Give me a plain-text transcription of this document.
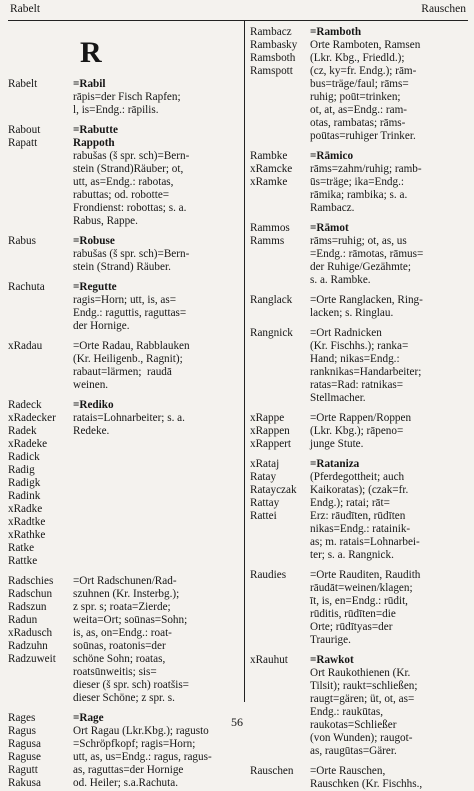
Rabelt	Rauschen
R
Rabelt	=Rabil
rāpis=der Fisch Rapfen;
l, is=Endg.: rāpilis.
Rabout
Rapatt
=Rabutte
Rappoth
rabušas (š spr. sch)=Bern-
stein (Strand)Räuber; ot,
utt, as=Endg.: rabotas,
rabuttas; od. robotte=
Frondienst: robottas; s. a.
Rabus, Rappe.
Rabus	=Robuse
rabušas (š spr. sch)=Bern-
stein (Strand) Räuber.
Rachuta	=Regutte
ragis=Horn; utt, is, as=
Endg.: raguttis, raguttas=
der Hornige.
xRadau	=Orte Radau, Rabblauken
(Kr. Heiligenb., Ragnit);
rabaut=lärmen;  raudā
weinen.
Radeck
xRadecker
Radek
xRadeke
Radick
Radig
Radigk
Radink
xRadke
xRadtke
xRathke
Ratke
Rattke
=Rediko
ratais=Lohnarbeiter; s. a.
Redeke.
Radschies
Radschun
Radszun
Radun
xRadusch
Radzuhn
Radzuweit
=Ort Radschunen/Rad-
szuhnen (Kr. Insterbg.);
z spr. s; roata=Zierde;
weita=Ort; soūnas=Sohn;
is, as, on=Endg.: roat-
soūnas, roatonis=der
schöne Sohn; roatas,
roatsūnweitis; sis=
dieser (š spr. sch) roatšis=
dieser Schöne; z spr. s.
Rages
Ragus
Ragusa
Raguse
Ragutt
Rakusa
=Rage
Ort Ragau (Lkr.Kbg.); ragusto
=Schröpfkopf; ragis=Horn;
utt, as, us=Endg.: ragus, ragus-
as, raguttas=der Hornige
od. Heiler; s.a.Rachuta.
Rambacz
Rambasky
Ramsboth
Ramspott
=Ramboth
Orte Ramboten, Ramsen
(Lkr. Kbg., Friedld.);
(cz, ky=fr. Endg.); rām-
bus=träge/faul; rāms=
ruhig; poūt=trinken;
ot, at, as=Endg.: ram-
otas, rambatas; rāms-
poūtas=ruhiger Trinker.
Rambke
xRamcke
xRamke
=Rāmico
rāms=zahm/ruhig; ramb-
ūs=träge; ika=Endg.:
rāmika; rambika; s. a.
Rambacz.
Rammos
Ramms
=Rāmot
rāms=ruhig; ot, as, us
=Endg.: rāmotas, rāmus=
der Ruhige/Gezähmte;
s. a. Rambke.
Ranglack	=Orte Ranglacken, Ring-
lacken; s. Ringlau.
Rangnick	=Ort Radnicken
(Kr. Fischhs.); ranka=
Hand; nikas=Endg.:
ranknikas=Handarbeiter;
ratas=Rad: ratnikas=
Stellmacher.
xRappe
xRappen
xRappert
=Orte Rappen/Roppen
(Lkr. Kbg.); rāpeno=
junge Stute.
xRataj
Ratay
Ratayczak
Rattay
Rattei
=Rataniza
(Pferdegottheit; auch
Kaikoratas); (czak=fr.
Endg.); ratai; rāt=
Erz: rāudīten, rūdīten
nikas=Endg.: ratainik-
as; m. ratais=Lohnarbei-
ter; s. a. Rangnick.
Raudies	=Orte Rauditen, Raudith
rāudāt=weinen/klagen;
īt, is, en=Endg.: rūdit,
rūditis, rūdīten=die
Orte; rūdītyas=der
Traurige.
xRauhut	=Rawkot
Ort Raukothienen (Kr.
Tilsit); raukt=schließen;
raugt=gären; üt, ot, as=
Endg.: raukūtas,
raukotas=Schließer
(von Wunden); raugot-
as, raugūtas=Gärer.
Rauschen	=Orte Rauschen,
Rauschken (Kr. Fischhs.,
56
